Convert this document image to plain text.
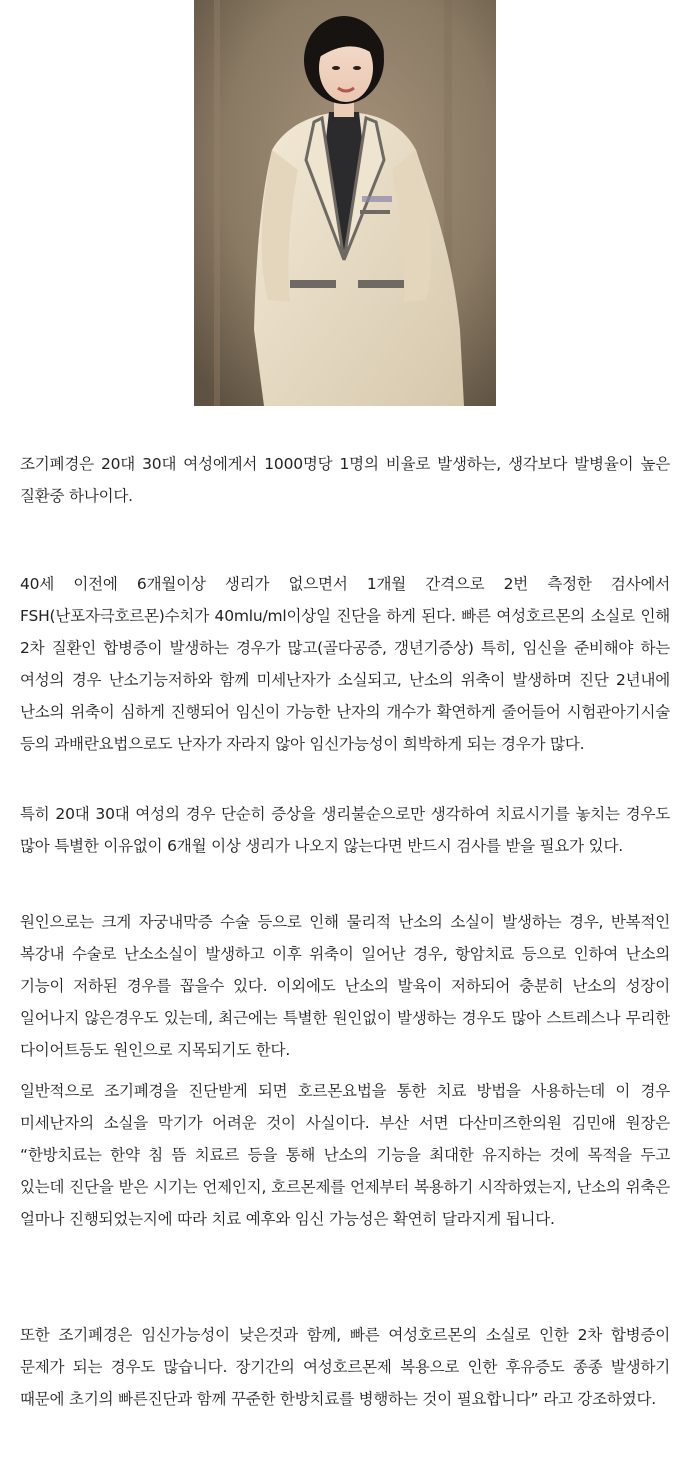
조기폐경은 20대 30대 여성에게서 1000명당 1명의 비율로 발생하는, 생각보다 발병율이 높은 질환중 하나이다.

40세 이전에 6개월이상 생리가 없으면서 1개월 간격으로 2번 측정한 검사에서 FSH(난포자극호르몬)수치가 40mlu/ml이상일 진단을 하게 된다. 빠른 여성호르몬의 소실로 인해 2차 질환인 합병증이 발생하는 경우가 많고(골다공증, 갱년기증상) 특히, 임신을 준비해야 하는 여성의 경우 난소기능저하와 함께 미세난자가 소실되고, 난소의 위축이 발생하며 진단 2년내에 난소의 위축이 심하게 진행되어 임신이 가능한 난자의 개수가 확연하게 줄어들어 시험관아기시술 등의 과배란요법으로도 난자가 자라지 않아 임신가능성이 희박하게 되는 경우가 많다.

특히 20대 30대 여성의 경우 단순히 증상을 생리불순으로만 생각하여 치료시기를 놓치는 경우도 많아 특별한 이유없이 6개월 이상 생리가 나오지 않는다면 반드시 검사를 받을 필요가 있다.

원인으로는 크게 자궁내막증 수술 등으로 인해 물리적 난소의 소실이 발생하는 경우, 반복적인 복강내 수술로 난소소실이 발생하고 이후 위축이 일어난 경우, 항암치료 등으로 인하여 난소의 기능이 저하된 경우를 꼽을수 있다. 이외에도 난소의 발육이 저하되어 충분히 난소의 성장이 일어나지 않은경우도 있는데, 최근에는 특별한 원인없이 발생하는 경우도 많아 스트레스나 무리한 다이어트등도 원인으로 지목되기도 한다.

일반적으로 조기폐경을 진단받게 되면 호르몬요법을 통한 치료 방법을 사용하는데 이 경우 미세난자의 소실을 막기가 어려운 것이 사실이다. 부산 서면 다산미즈한의원 김민애 원장은 “한방치료는 한약 침 뜸 치료르 등을 통해 난소의 기능을 최대한 유지하는 것에 목적을 두고 있는데 진단을 받은 시기는 언제인지, 호르몬제를 언제부터 복용하기 시작하였는지, 난소의 위축은 얼마나 진행되었는지에 따라 치료 예후와 임신 가능성은 확연히 달라지게 됩니다.

또한 조기폐경은 임신가능성이 낮은것과 함께, 빠른 여성호르몬의 소실로 인한 2차 합병증이 문제가 되는 경우도 많습니다. 장기간의 여성호르몬제 복용으로 인한 후유증도 종종 발생하기 때문에 초기의 빠른진단과 함께 꾸준한 한방치료를 병행하는 것이 필요합니다” 라고 강조하였다.
